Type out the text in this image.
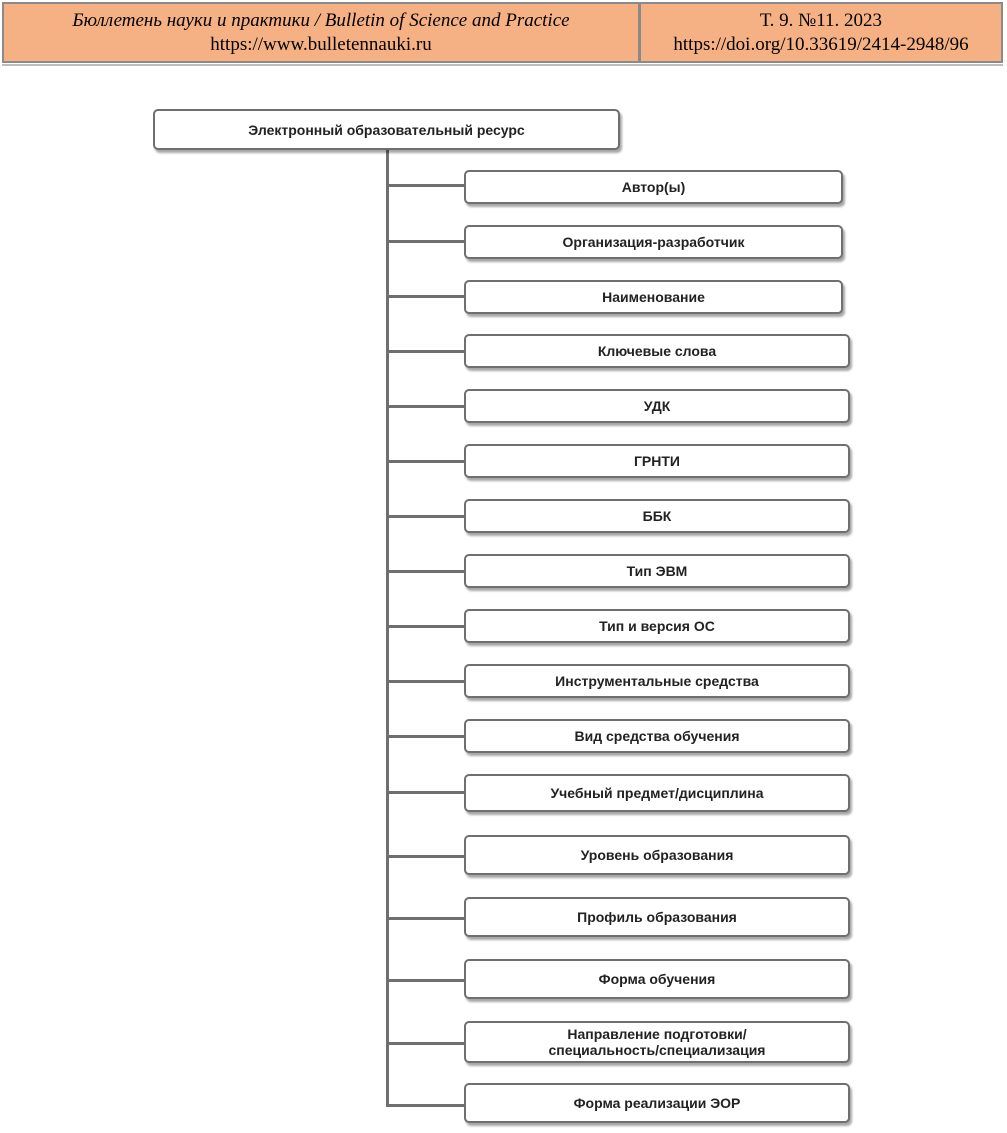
Бюллетень науки и практики / Bulletin of Science and Practice
https://www.bulletennauki.ru
Т. 9. №11. 2023
https://doi.org/10.33619/2414-2948/96
Электронный образовательный ресурс
Автор(ы)
Организация-разработчик
Наименование
Ключевые слова
УДК
ГРНТИ
ББК
Тип ЭВМ
Тип и версия ОС
Инструментальные средства
Вид средства обучения
Учебный предмет/дисциплина
Уровень образования
Профиль образования
Форма обучения
Направление подготовки/ специальность/специализация
Форма реализации ЭОР
